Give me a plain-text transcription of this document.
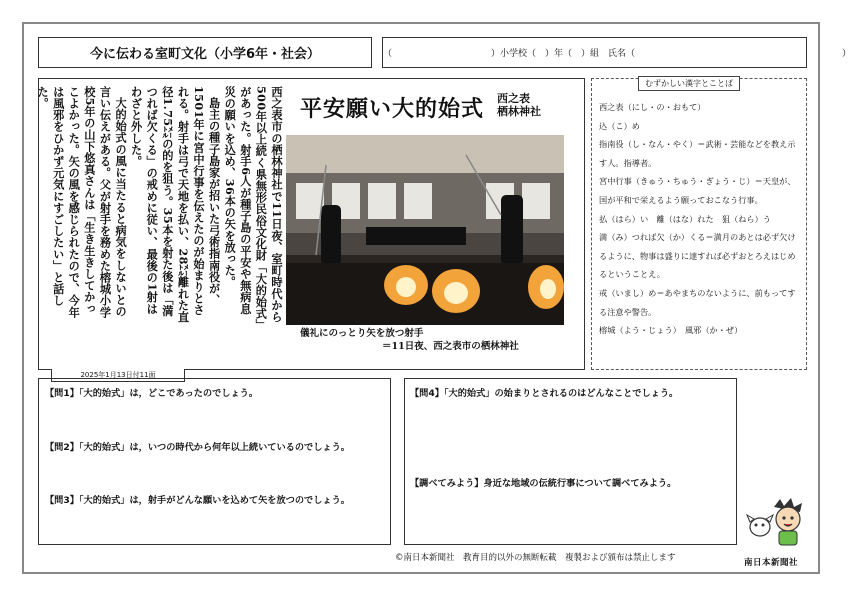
今に伝わる室町文化（小学6年・社会）	（　　　　　　　　　　　）小学校（　）年（　）組　氏名（　　　　　　　　　　　　　　　　　　　　　　　）

西之表市の栖林神社で11日夜、室町時代から500年以上続く県無形民俗文化財「大的始式」があった。射手6人が種子島の平安や無病息災の願いを込め、36本の矢を放った。

島主の種子島家が招いた弓術指南役が、1501年に宮中行事を伝えたのが始まりとされる。射手は弓で天地を払い、28㍍離れた直径1.75㍍の的を狙う。35本を射た後は「満つれば欠くる」の戒めに従い、最後の1射はわざと外した。

大的始式の風に当たると病気をしないとの言い伝えがある。父が射手を務めた榕城小学校5年の山下悠真さんは「生き生きしてかっこよかった。矢の風を感じられたので、今年は風邪をひかず元気にすごしたい」と話した。	平安願い大的始式 西之表
栖林神社
儀礼にのっとり矢を放つ射手
＝11日夜、西之表市の栖林神社
2025年1月13日付11面
むずかしい漢字とことば
西之表（にし・の・おもて）
込（こ）め
指南役（し・なん・やく）＝武術・芸能などを教え示す人。指導者。
宮中行事（きゅう・ちゅう・ぎょう・じ）＝天皇が、国が平和で栄えるよう願っておこなう行事。
払（はら）い　離（はな）れた　狙（ねら）う
満（み）つれば欠（か）くる＝満月のあとは必ず欠けるように、物事は盛りに達すれば必ずおとろえはじめるということえ。
戒（いまし）め＝あやまちのないように、前もってする注意や警告。
榕城（よう・じょう）　風邪（か・ぜ）
【問1】「大的始式」は，どこであったのでしょう。
【問2】「大的始式」は，いつの時代から何年以上続いているのでしょう。
【問3】「大的始式」は，射手がどんな願いを込めて矢を放つのでしょう。
【問4】「大的始式」の始まりとされるのはどんなことでしょう。
【調べてみよう】身近な地域の伝統行事について調べてみよう。
©南日本新聞社　教育目的以外の無断転載　複製および頒布は禁止します	南日本新聞社
